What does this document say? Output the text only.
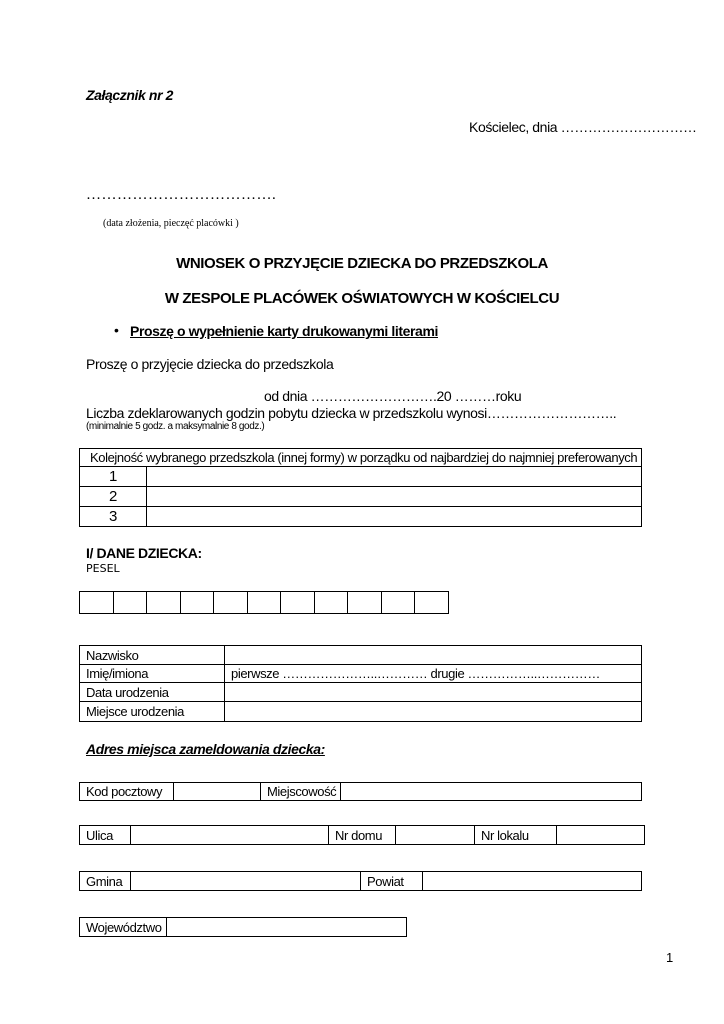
Załącznik nr 2
Kościelec, dnia …………………………
……………………………….
(data złożenia, pieczęć placówki )
WNIOSEK O PRZYJĘCIE DZIECKA DO PRZEDSZKOLA
W ZESPOLE PLACÓWEK OŚWIATOWYCH W KOŚCIELCU
• Proszę o wypełnienie karty drukowanymi literami
Proszę o przyjęcie dziecka do przedszkola
od dnia ……………………….20 ………roku
Liczba zdeklarowanych godzin pobytu dziecka w przedszkolu wynosi………………………..
(minimalnie 5 godz. a maksymalnie 8 godz.)
Kolejność wybranego przedszkola (innej formy) w porządku od najbardziej do najmniej preferowanych	
1	
2	
3	
I/ DANE DZIECKA:
PESEL

Nazwisko	
Imię/imiona	pierwsze …………………..………… drugie ……………..……………
Data urodzenia	
Miejsce urodzenia	
Adres miejsca zameldowania dziecka:
Kod pocztowy		Miejscowość	
Ulica		Nr domu		Nr lokalu	
Gmina		Powiat	
Województwo	
1
